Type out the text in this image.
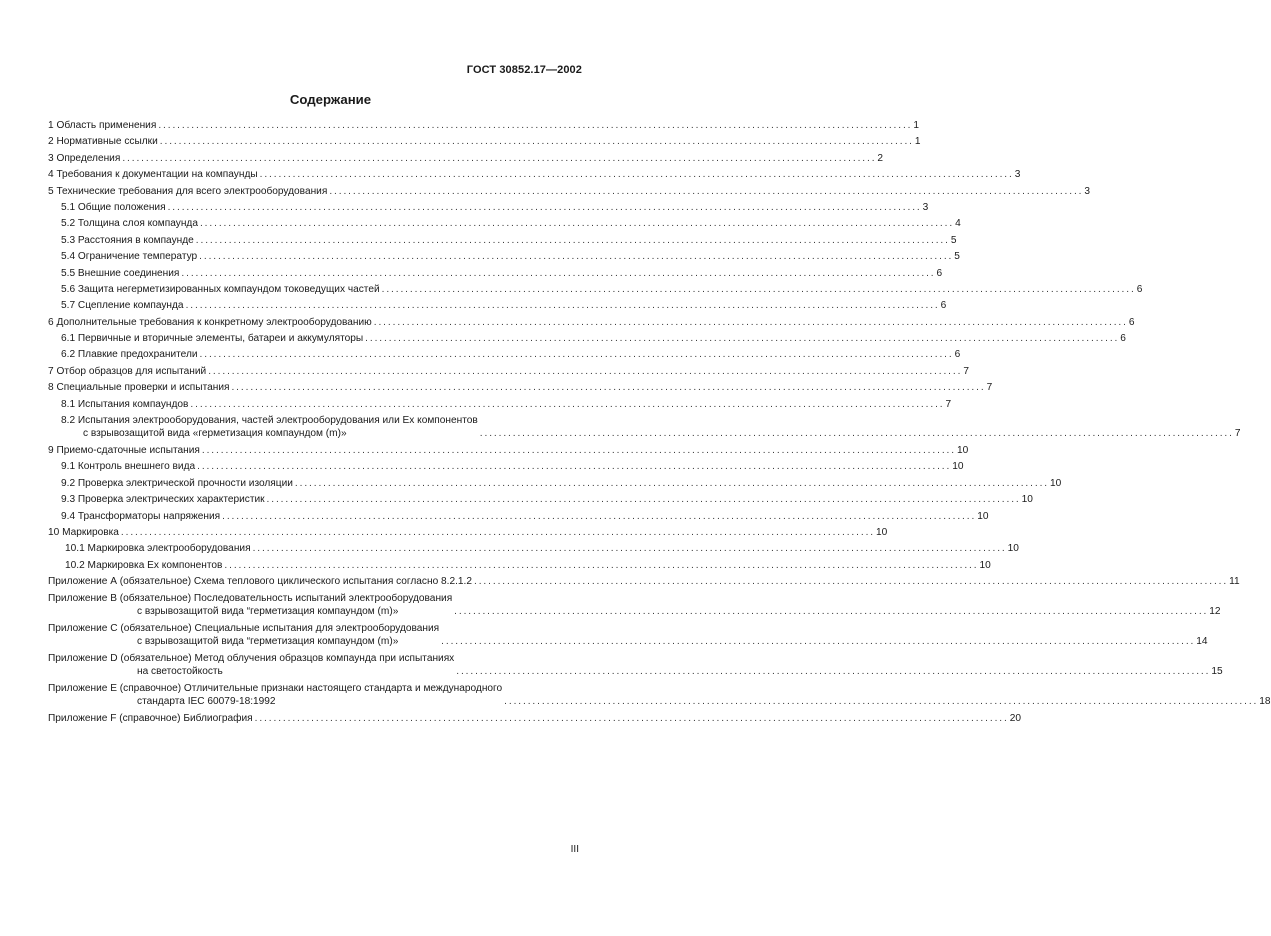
ГОСТ 30852.17—2002
Содержание
1 Область применения ................................................................................................................................................................ 1
2 Нормативные ссылки ................................................................................................................................................................ 1
3 Определения ................................................................................................................................................................ 2
4 Требования к документации на компаунды ................................................................................................................................................................ 3
5 Технические требования для всего электрооборудования ................................................................................................................................................................ 3
5.1 Общие положения ................................................................................................................................................................ 3
5.2 Толщина слоя компаунда ................................................................................................................................................................ 4
5.3 Расстояния в компаунде ................................................................................................................................................................ 5
5.4 Ограничение температур ................................................................................................................................................................ 5
5.5 Внешние соединения ................................................................................................................................................................ 6
5.6 Защита негерметизированных компаундом токоведущих частей ................................................................................................................................................................ 6
5.7 Сцепление компаунда ................................................................................................................................................................ 6
6 Дополнительные требования к конкретному электрооборудованию ................................................................................................................................................................ 6
6.1 Первичные и вторичные элементы, батареи и аккумуляторы ................................................................................................................................................................ 6
6.2 Плавкие предохранители ................................................................................................................................................................ 6
7 Отбор образцов для испытаний ................................................................................................................................................................ 7
8 Специальные проверки и испытания ................................................................................................................................................................ 7
8.1 Испытания компаундов ................................................................................................................................................................ 7
8.2 Испытания электрооборудования, частей электрооборудования или Ex компонентов
с взрывозащитой вида «герметизация компаундом (m)»	................................................................................................................................................................ 7
9 Приемо-сдаточные испытания ................................................................................................................................................................ 10
9.1 Контроль внешнего вида ................................................................................................................................................................ 10
9.2 Проверка электрической прочности изоляции ................................................................................................................................................................ 10
9.3 Проверка электрических характеристик ................................................................................................................................................................ 10
9.4 Трансформаторы напряжения ................................................................................................................................................................ 10
10 Маркировка ................................................................................................................................................................ 10
10.1 Маркировка электрооборудования ................................................................................................................................................................ 10
10.2 Маркировка Ex компонентов ................................................................................................................................................................ 10
Приложение А (обязательное) Схема теплового циклического испытания согласно 8.2.1.2 ................................................................................................................................................................ 11
Приложение В (обязательное) Последовательность испытаний электрооборудования
с взрывозащитой вида “герметизация компаундом (m)»	................................................................................................................................................................ 12
Приложение С (обязательное) Специальные испытания для электрооборудования
с взрывозащитой вида “герметизация компаундом (m)»	................................................................................................................................................................ 14
Приложение D (обязательное) Метод облучения образцов компаунда при испытаниях
на светостойкость	................................................................................................................................................................ 15
Приложение Е (справочное) Отличительные признаки настоящего стандарта и международного
стандарта IEC 60079-18:1992	................................................................................................................................................................ 18
Приложение F (справочное) Библиография ................................................................................................................................................................ 20
III
